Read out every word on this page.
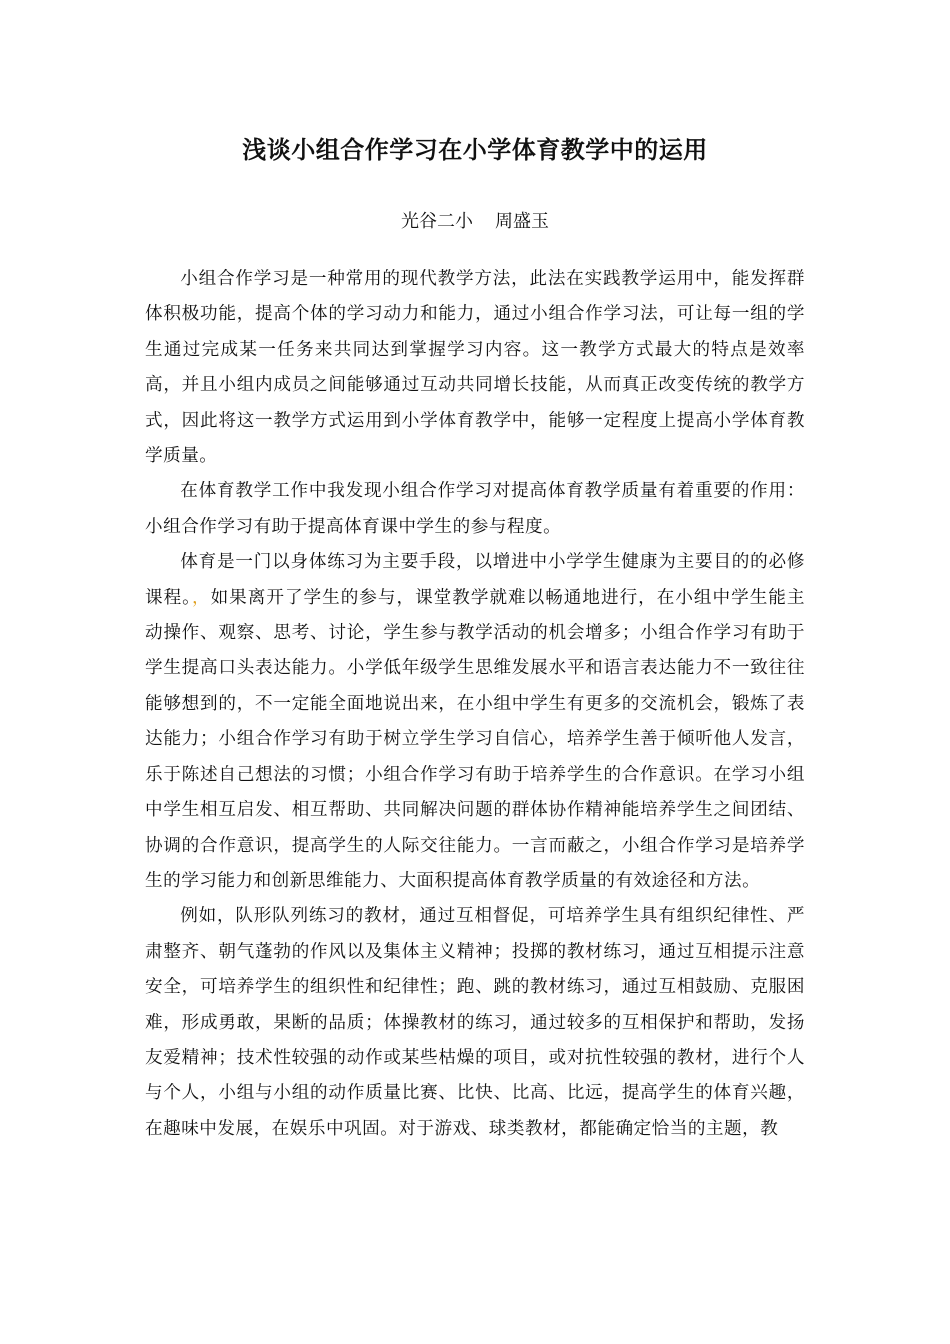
浅谈小组合作学习在小学体育教学中的运用
光谷二小 周盛玉

小组合作学习是一种常用的现代教学方法，此法在实践教学运用中，能发挥群体积极功能，提高个体的学习动力和能力，通过小组合作学习法，可让每一组的学生通过完成某一任务来共同达到掌握学习内容。这一教学方式最大的特点是效率高，并且小组内成员之间能够通过互动共同增长技能，从而真正改变传统的教学方式，因此将这一教学方式运用到小学体育教学中，能够一定程度上提高小学体育教学质量。

在体育教学工作中我发现小组合作学习对提高体育教学质量有着重要的作用：小组合作学习有助于提高体育课中学生的参与程度。

体育是一门以身体练习为主要手段，以增进中小学学生健康为主要目的的必修课程。，如果离开了学生的参与，课堂教学就难以畅通地进行，在小组中学生能主动操作、观察、思考、讨论，学生参与教学活动的机会增多；小组合作学习有助于学生提高口头表达能力。小学低年级学生思维发展水平和语言表达能力不一致往往能够想到的，不一定能全面地说出来，在小组中学生有更多的交流机会，锻炼了表达能力；小组合作学习有助于树立学生学习自信心，培养学生善于倾听他人发言，乐于陈述自己想法的习惯；小组合作学习有助于培养学生的合作意识。在学习小组中学生相互启发、相互帮助、共同解决问题的群体协作精神能培养学生之间团结、协调的合作意识，提高学生的人际交往能力。一言而蔽之，小组合作学习是培养学生的学习能力和创新思维能力、大面积提高体育教学质量的有效途径和方法。

例如，队形队列练习的教材，通过互相督促，可培养学生具有组织纪律性、严肃整齐、朝气蓬勃的作风以及集体主义精神；投掷的教材练习，通过互相提示注意安全，可培养学生的组织性和纪律性；跑、跳的教材练习，通过互相鼓励、克服困难，形成勇敢，果断的品质；体操教材的练习，通过较多的互相保护和帮助，发扬友爱精神；技术性较强的动作或某些枯燥的项目，或对抗性较强的教材，进行个人与个人，小组与小组的动作质量比赛、比快、比高、比远，提高学生的体育兴趣，在趣味中发展，在娱乐中巩固。对于游戏、球类教材，都能确定恰当的主题，教
